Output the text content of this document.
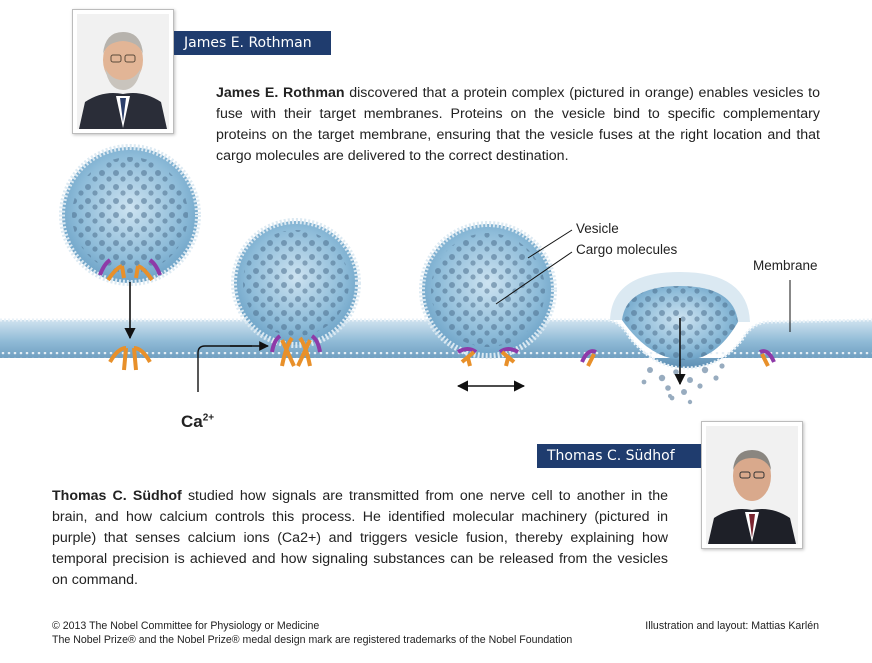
James E. Rothman

James E. Rothman discovered that a protein complex (pictured in orange) enables vesicles to fuse with their target membranes. Proteins on the vesicle bind to specific complementary proteins on the target membrane, ensuring that the vesicle fuses at the right location and that cargo molecules are delivered to the correct destination.

Vesicle
Cargo molecules
Membrane
$Ca^{2+}$
Thomas C. Südhof

Thomas C. Südhof studied how signals are transmitted from one nerve cell to another in the brain, and how calcium controls this process. He identified molecular machinery (pictured in purple) that senses calcium ions (Ca2+) and triggers vesicle fusion, thereby explaining how temporal precision is achieved and how signaling substances can be released from the vesicles on command.

© 2013 The Nobel Committee for Physiology or Medicine
The Nobel Prize® and the Nobel Prize® medal design mark are registered trademarks of the Nobel Foundation
Illustration and layout: Mattias Karlén
